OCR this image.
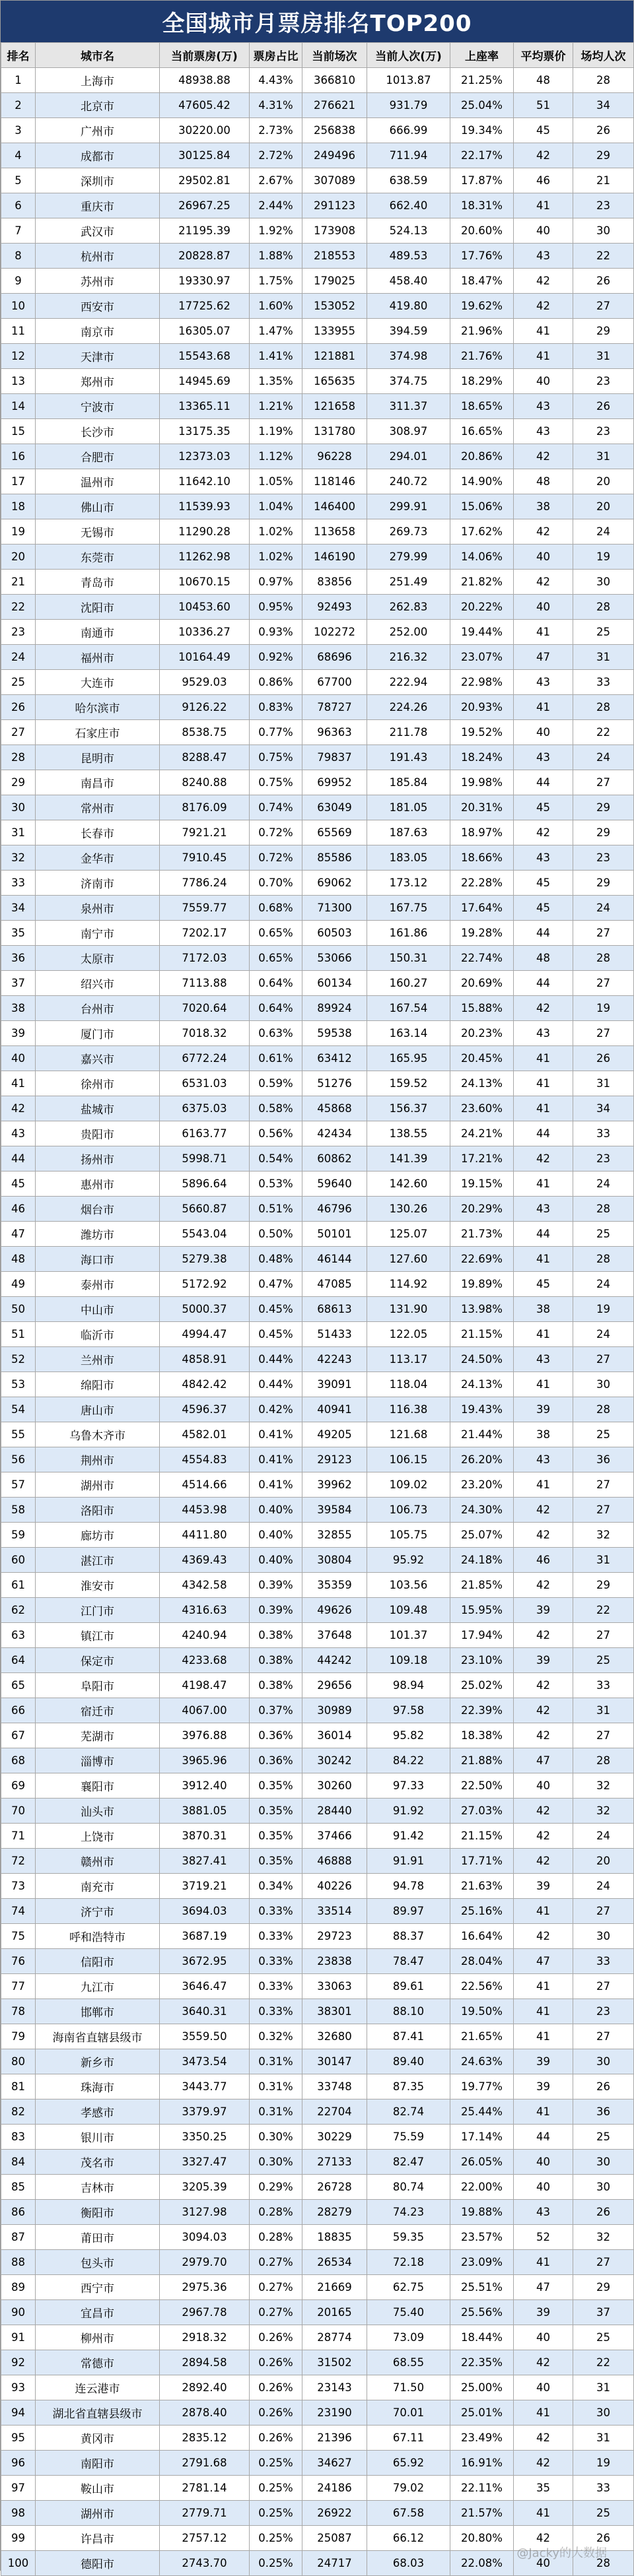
全国城市月票房排名TOP200
排名	城市名	当前票房(万)	票房占比	当前场次	当前人次(万)	上座率	平均票价	场均人次
1	上海市	48938.88	4.43%	366810	1013.87	21.25%	48	28
2	北京市	47605.42	4.31%	276621	931.79	25.04%	51	34
3	广州市	30220.00	2.73%	256838	666.99	19.34%	45	26
4	成都市	30125.84	2.72%	249496	711.94	22.17%	42	29
5	深圳市	29502.81	2.67%	307089	638.59	17.87%	46	21
6	重庆市	26967.25	2.44%	291123	662.40	18.31%	41	23
7	武汉市	21195.39	1.92%	173908	524.13	20.60%	40	30
8	杭州市	20828.87	1.88%	218553	489.53	17.76%	43	22
9	苏州市	19330.97	1.75%	179025	458.40	18.47%	42	26
10	西安市	17725.62	1.60%	153052	419.80	19.62%	42	27
11	南京市	16305.07	1.47%	133955	394.59	21.96%	41	29
12	天津市	15543.68	1.41%	121881	374.98	21.76%	41	31
13	郑州市	14945.69	1.35%	165635	374.75	18.29%	40	23
14	宁波市	13365.11	1.21%	121658	311.37	18.65%	43	26
15	长沙市	13175.35	1.19%	131780	308.97	16.65%	43	23
16	合肥市	12373.03	1.12%	96228	294.01	20.86%	42	31
17	温州市	11642.10	1.05%	118146	240.72	14.90%	48	20
18	佛山市	11539.93	1.04%	146400	299.91	15.06%	38	20
19	无锡市	11290.28	1.02%	113658	269.73	17.62%	42	24
20	东莞市	11262.98	1.02%	146190	279.99	14.06%	40	19
21	青岛市	10670.15	0.97%	83856	251.49	21.82%	42	30
22	沈阳市	10453.60	0.95%	92493	262.83	20.22%	40	28
23	南通市	10336.27	0.93%	102272	252.00	19.44%	41	25
24	福州市	10164.49	0.92%	68696	216.32	23.07%	47	31
25	大连市	9529.03	0.86%	67700	222.94	22.98%	43	33
26	哈尔滨市	9126.22	0.83%	78727	224.26	20.93%	41	28
27	石家庄市	8538.75	0.77%	96363	211.78	19.52%	40	22
28	昆明市	8288.47	0.75%	79837	191.43	18.24%	43	24
29	南昌市	8240.88	0.75%	69952	185.84	19.98%	44	27
30	常州市	8176.09	0.74%	63049	181.05	20.31%	45	29
31	长春市	7921.21	0.72%	65569	187.63	18.97%	42	29
32	金华市	7910.45	0.72%	85586	183.05	18.66%	43	23
33	济南市	7786.24	0.70%	69062	173.12	22.28%	45	29
34	泉州市	7559.77	0.68%	71300	167.75	17.64%	45	24
35	南宁市	7202.17	0.65%	60503	161.86	19.28%	44	27
36	太原市	7172.03	0.65%	53066	150.31	22.74%	48	28
37	绍兴市	7113.88	0.64%	60134	160.27	20.69%	44	27
38	台州市	7020.64	0.64%	89924	167.54	15.88%	42	19
39	厦门市	7018.32	0.63%	59538	163.14	20.23%	43	27
40	嘉兴市	6772.24	0.61%	63412	165.95	20.45%	41	26
41	徐州市	6531.03	0.59%	51276	159.52	24.13%	41	31
42	盐城市	6375.03	0.58%	45868	156.37	23.60%	41	34
43	贵阳市	6163.77	0.56%	42434	138.55	24.21%	44	33
44	扬州市	5998.71	0.54%	60862	141.39	17.21%	42	23
45	惠州市	5896.64	0.53%	59640	142.60	19.15%	41	24
46	烟台市	5660.87	0.51%	46796	130.26	20.29%	43	28
47	潍坊市	5543.04	0.50%	50101	125.07	21.73%	44	25
48	海口市	5279.38	0.48%	46144	127.60	22.69%	41	28
49	泰州市	5172.92	0.47%	47085	114.92	19.89%	45	24
50	中山市	5000.37	0.45%	68613	131.90	13.98%	38	19
51	临沂市	4994.47	0.45%	51433	122.05	21.15%	41	24
52	兰州市	4858.91	0.44%	42243	113.17	24.50%	43	27
53	绵阳市	4842.42	0.44%	39091	118.04	24.13%	41	30
54	唐山市	4596.37	0.42%	40941	116.38	19.43%	39	28
55	乌鲁木齐市	4582.01	0.41%	49205	121.68	21.44%	38	25
56	荆州市	4554.83	0.41%	29123	106.15	26.20%	43	36
57	湖州市	4514.66	0.41%	39962	109.02	23.20%	41	27
58	洛阳市	4453.98	0.40%	39584	106.73	24.30%	42	27
59	廊坊市	4411.80	0.40%	32855	105.75	25.07%	42	32
60	湛江市	4369.43	0.40%	30804	95.92	24.18%	46	31
61	淮安市	4342.58	0.39%	35359	103.56	21.85%	42	29
62	江门市	4316.63	0.39%	49626	109.48	15.95%	39	22
63	镇江市	4240.94	0.38%	37648	101.37	17.94%	42	27
64	保定市	4233.68	0.38%	44242	109.18	23.10%	39	25
65	阜阳市	4198.47	0.38%	29656	98.94	25.02%	42	33
66	宿迁市	4067.00	0.37%	30989	97.58	22.39%	42	31
67	芜湖市	3976.88	0.36%	36014	95.82	18.38%	42	27
68	淄博市	3965.96	0.36%	30242	84.22	21.88%	47	28
69	襄阳市	3912.40	0.35%	30260	97.33	22.50%	40	32
70	汕头市	3881.05	0.35%	28440	91.92	27.03%	42	32
71	上饶市	3870.31	0.35%	37466	91.42	21.15%	42	24
72	赣州市	3827.41	0.35%	46888	91.91	17.71%	42	20
73	南充市	3719.21	0.34%	40226	94.78	21.63%	39	24
74	济宁市	3694.03	0.33%	33514	89.97	25.16%	41	27
75	呼和浩特市	3687.19	0.33%	29723	88.37	16.64%	42	30
76	信阳市	3672.95	0.33%	23838	78.47	28.04%	47	33
77	九江市	3646.47	0.33%	33063	89.61	22.56%	41	27
78	邯郸市	3640.31	0.33%	38301	88.10	19.50%	41	23
79	海南省直辖县级市	3559.50	0.32%	32680	87.41	21.65%	41	27
80	新乡市	3473.54	0.31%	30147	89.40	24.63%	39	30
81	珠海市	3443.77	0.31%	33748	87.35	19.77%	39	26
82	孝感市	3379.97	0.31%	22704	82.74	25.44%	41	36
83	银川市	3350.25	0.30%	30229	75.59	17.14%	44	25
84	茂名市	3327.47	0.30%	27133	82.47	26.05%	40	30
85	吉林市	3205.39	0.29%	26728	80.74	22.00%	40	30
86	衡阳市	3127.98	0.28%	28279	74.23	19.88%	43	26
87	莆田市	3094.03	0.28%	18835	59.35	23.57%	52	32
88	包头市	2979.70	0.27%	26534	72.18	23.09%	41	27
89	西宁市	2975.36	0.27%	21669	62.75	25.51%	47	29
90	宜昌市	2967.78	0.27%	20165	75.40	25.56%	39	37
91	柳州市	2918.32	0.26%	28774	73.09	18.44%	40	25
92	常德市	2894.58	0.26%	31502	68.55	22.35%	42	22
93	连云港市	2892.40	0.26%	23143	71.50	25.00%	40	31
94	湖北省直辖县级市	2878.40	0.26%	23190	70.01	25.01%	41	30
95	黄冈市	2835.12	0.26%	21396	67.11	23.49%	42	31
96	南阳市	2791.68	0.25%	34627	65.92	16.91%	42	19
97	鞍山市	2781.14	0.25%	24186	79.02	22.11%	35	33
98	湖州市	2779.71	0.25%	26922	67.58	21.57%	41	25
99	许昌市	2757.12	0.25%	25087	66.12	20.80%	42	26
100	德阳市	2743.70	0.25%	24717	68.03	22.08%	40	28
@Jacky的大数据
